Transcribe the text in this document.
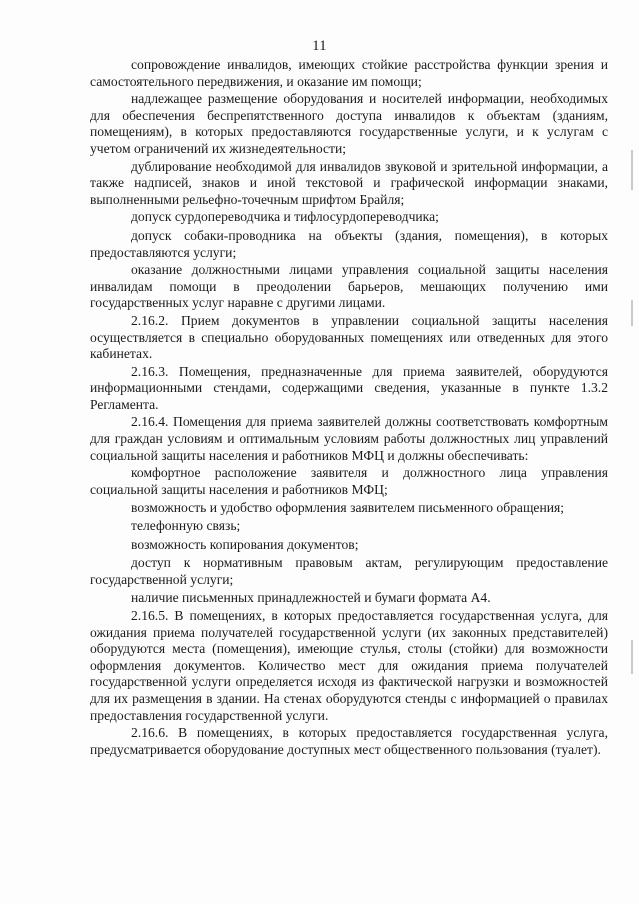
11

сопровождение инвалидов, имеющих стойкие расстройства функции зрения и самостоятельного передвижения, и оказание им помощи;

надлежащее размещение оборудования и носителей информации, необходимых для обеспечения беспрепятственного доступа инвалидов к объектам (зданиям, помещениям), в которых предоставляются государственные услуги, и к услугам с учетом ограничений их жизнедеятельности;

дублирование необходимой для инвалидов звуковой и зрительной информации, а также надписей, знаков и иной текстовой и графической информации знаками, выполненными рельефно-точечным шрифтом Брайля;

допуск сурдопереводчика и тифлосурдопереводчика;

допуск собаки-проводника на объекты (здания, помещения), в которых предоставляются услуги;

оказание должностными лицами управления социальной защиты населения инвалидам помощи в преодолении барьеров, мешающих получению ими государственных услуг наравне с другими лицами.

2.16.2. Прием документов в управлении социальной защиты населения осуществляется в специально оборудованных помещениях или отведенных для этого кабинетах.

2.16.3. Помещения, предназначенные для приема заявителей, оборудуются информационными стендами, содержащими сведения, указанные в пункте 1.3.2 Регламента.

2.16.4. Помещения для приема заявителей должны соответствовать комфортным для граждан условиям и оптимальным условиям работы должностных лиц управлений социальной защиты населения и работников МФЦ и должны обеспечивать:

комфортное расположение заявителя и должностного лица управления социальной защиты населения и работников МФЦ;

возможность и удобство оформления заявителем письменного обращения;

телефонную связь;

возможность копирования документов;

доступ к нормативным правовым актам, регулирующим предоставление государственной услуги;

наличие письменных принадлежностей и бумаги формата А4.

2.16.5. В помещениях, в которых предоставляется государственная услуга, для ожидания приема получателей государственной услуги (их законных представителей) оборудуются места (помещения), имеющие стулья, столы (стойки) для возможности оформления документов. Количество мест для ожидания приема получателей государственной услуги определяется исходя из фактической нагрузки и возможностей для их размещения в здании. На стенах оборудуются стенды с информацией о правилах предоставления государственной услуги.

2.16.6. В помещениях, в которых предоставляется государственная услуга, предусматривается оборудование доступных мест общественного пользования (туалет).
